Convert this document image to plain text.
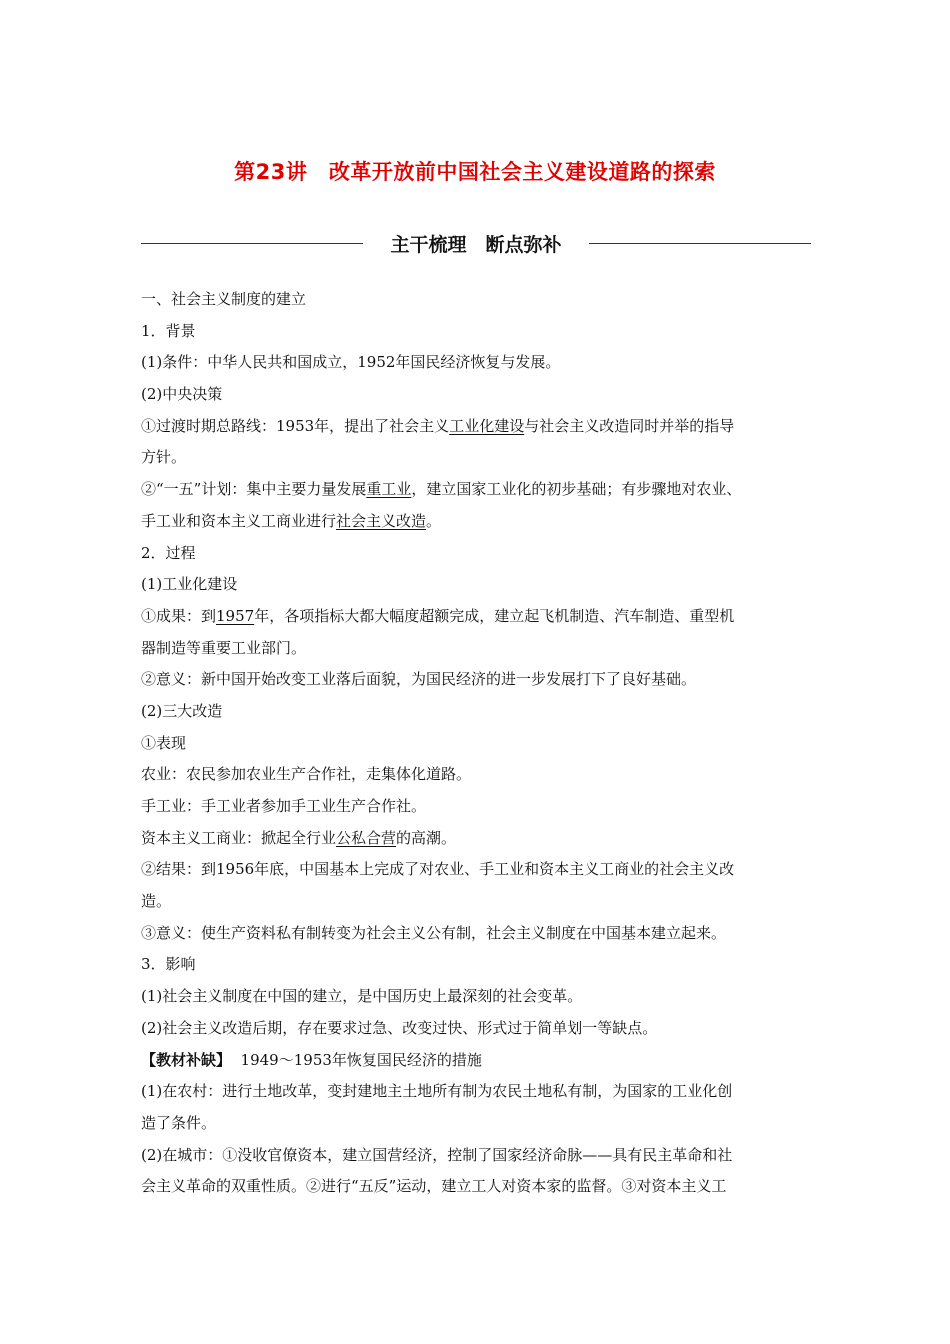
第23讲　改革开放前中国社会主义建设道路的探索
主干梳理　断点弥补
一、社会主义制度的建立
1．背景
(1)条件：中华人民共和国成立，1952年国民经济恢复与发展。
(2)中央决策
①过渡时期总路线：1953年，提出了社会主义工业化建设与社会主义改造同时并举的指导
方针。
②“一五”计划：集中主要力量发展重工业，建立国家工业化的初步基础；有步骤地对农业、
手工业和资本主义工商业进行社会主义改造。
2．过程
(1)工业化建设
①成果：到1957年，各项指标大都大幅度超额完成，建立起飞机制造、汽车制造、重型机
器制造等重要工业部门。
②意义：新中国开始改变工业落后面貌，为国民经济的进一步发展打下了良好基础。
(2)三大改造
①表现
农业：农民参加农业生产合作社，走集体化道路。
手工业：手工业者参加手工业生产合作社。
资本主义工商业：掀起全行业公私合营的高潮。
②结果：到1956年底，中国基本上完成了对农业、手工业和资本主义工商业的社会主义改
造。
③意义：使生产资料私有制转变为社会主义公有制，社会主义制度在中国基本建立起来。
3．影响
(1)社会主义制度在中国的建立，是中国历史上最深刻的社会变革。
(2)社会主义改造后期，存在要求过急、改变过快、形式过于简单划一等缺点。
【教材补缺】  1949～1953年恢复国民经济的措施
(1)在农村：进行土地改革，变封建地主土地所有制为农民土地私有制，为国家的工业化创
造了条件。
(2)在城市：①没收官僚资本，建立国营经济，控制了国家经济命脉——具有民主革命和社
会主义革命的双重性质。②进行“五反”运动，建立工人对资本家的监督。③对资本主义工
